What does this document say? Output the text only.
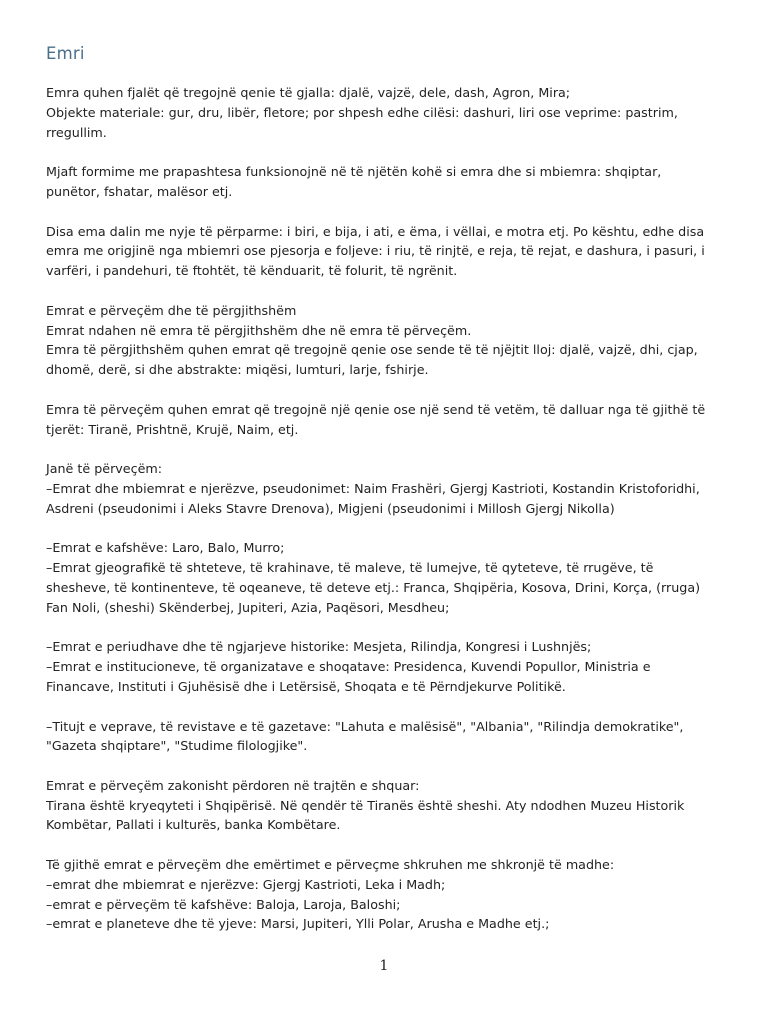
Emri

Emra quhen fjalët që tregojnë qenie të gjalla: djalë, vajzë, dele, dash, Agron, Mira;
Objekte materiale: gur, dru, libër, fletore; por shpesh edhe cilësi: dashuri, liri ose veprime: pastrim,
rregullim.

Mjaft formime me prapashtesa funksionojnë në të njëtën kohë si emra dhe si mbiemra: shqiptar,
punëtor, fshatar, malësor etj.

Disa ema dalin me nyje të përparme: i biri, e bija, i ati, e ëma, i vëllai, e motra etj. Po kështu, edhe disa
emra me origjinë nga mbiemri ose pjesorja e foljeve: i riu, të rinjtë, e reja, të rejat, e dashura, i pasuri, i
varfëri, i pandehuri, të ftohtët, të kënduarit, të folurit, të ngrënit.

Emrat e përveçëm dhe të përgjithshëm
Emrat ndahen në emra të përgjithshëm dhe në emra të përveçëm.
Emra të përgjithshëm quhen emrat që tregojnë qenie ose sende të të njëjtit lloj: djalë, vajzë, dhi, cjap,
dhomë, derë, si dhe abstrakte: miqësi, lumturi, larje, fshirje.

Emra të përveçëm quhen emrat që tregojnë një qenie ose një send të vetëm, të dalluar nga të gjithë të
tjerët: Tiranë, Prishtnë, Krujë, Naim, etj.

Janë të përveçëm:
–Emrat dhe mbiemrat e njerëzve, pseudonimet: Naim Frashëri, Gjergj Kastrioti, Kostandin Kristoforidhi,
Asdreni (pseudonimi i Aleks Stavre Drenova), Migjeni (pseudonimi i Millosh Gjergj Nikolla)

–Emrat e kafshëve: Laro, Balo, Murro;
–Emrat gjeografikë të shteteve, të krahinave, të maleve, të lumejve, të qyteteve, të rrugëve, të
shesheve, të kontinenteve, të oqeaneve, të deteve etj.: Franca, Shqipëria, Kosova, Drini, Korça, (rruga)
Fan Noli, (sheshi) Skënderbej, Jupiteri, Azia, Paqësori, Mesdheu;

–Emrat e periudhave dhe të ngjarjeve historike: Mesjeta, Rilindja, Kongresi i Lushnjës;
–Emrat e institucioneve, të organizatave e shoqatave: Presidenca, Kuvendi Popullor, Ministria e
Financave, Instituti i Gjuhësisë dhe i Letërsisë, Shoqata e të Përndjekurve Politikë.

–Titujt e veprave, të revistave e të gazetave: "Lahuta e malësisë", "Albania", "Rilindja demokratike",
"Gazeta shqiptare", "Studime filologjike".

Emrat e përveçëm zakonisht përdoren në trajtën e shquar:
Tirana është kryeqyteti i Shqipërisë. Në qendër të Tiranës është sheshi. Aty ndodhen Muzeu Historik
Kombëtar, Pallati i kulturës, banka Kombëtare.

Të gjithë emrat e përveçëm dhe emërtimet e përveçme shkruhen me shkronjë të madhe:
–emrat dhe mbiemrat e njerëzve: Gjergj Kastrioti, Leka i Madh;
–emrat e përveçëm të kafshëve: Baloja, Laroja, Baloshi;
–emrat e planeteve dhe të yjeve: Marsi, Jupiteri, Ylli Polar, Arusha e Madhe etj.;

1
